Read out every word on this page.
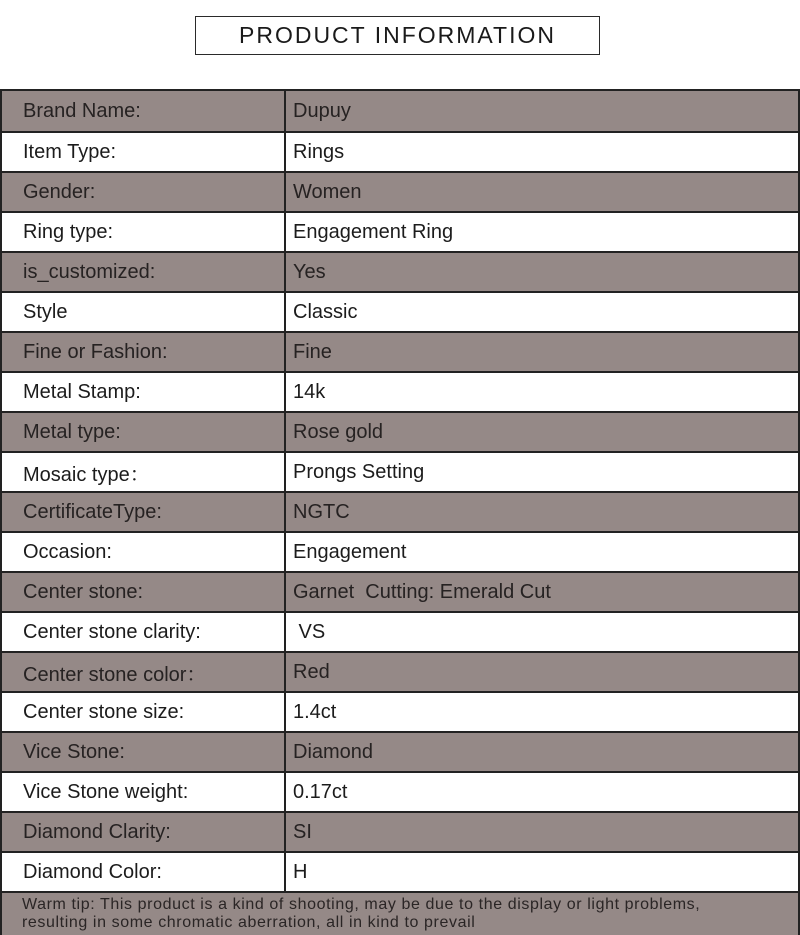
PRODUCT INFORMATION
Brand Name:	Dupuy
Item Type:	Rings
Gender:	Women
Ring type:	Engagement Ring
is_customized:	Yes
Style	Classic
Fine or Fashion:	Fine
Metal Stamp:	14k
Metal type:	Rose gold
Mosaic type：	Prongs Setting
CertificateType:	NGTC
Occasion:	Engagement
Center stone:	Garnet  Cutting: Emerald Cut
Center stone clarity:	VS
Center stone color：	Red
Center stone size:	1.4ct
Vice Stone:	Diamond
Vice Stone weight:	0.17ct
Diamond Clarity:	SI
Diamond Color:	H
Warm tip: This product is a kind of shooting, may be due to the display or light problems,
resulting in some chromatic aberration, all in kind to prevail
